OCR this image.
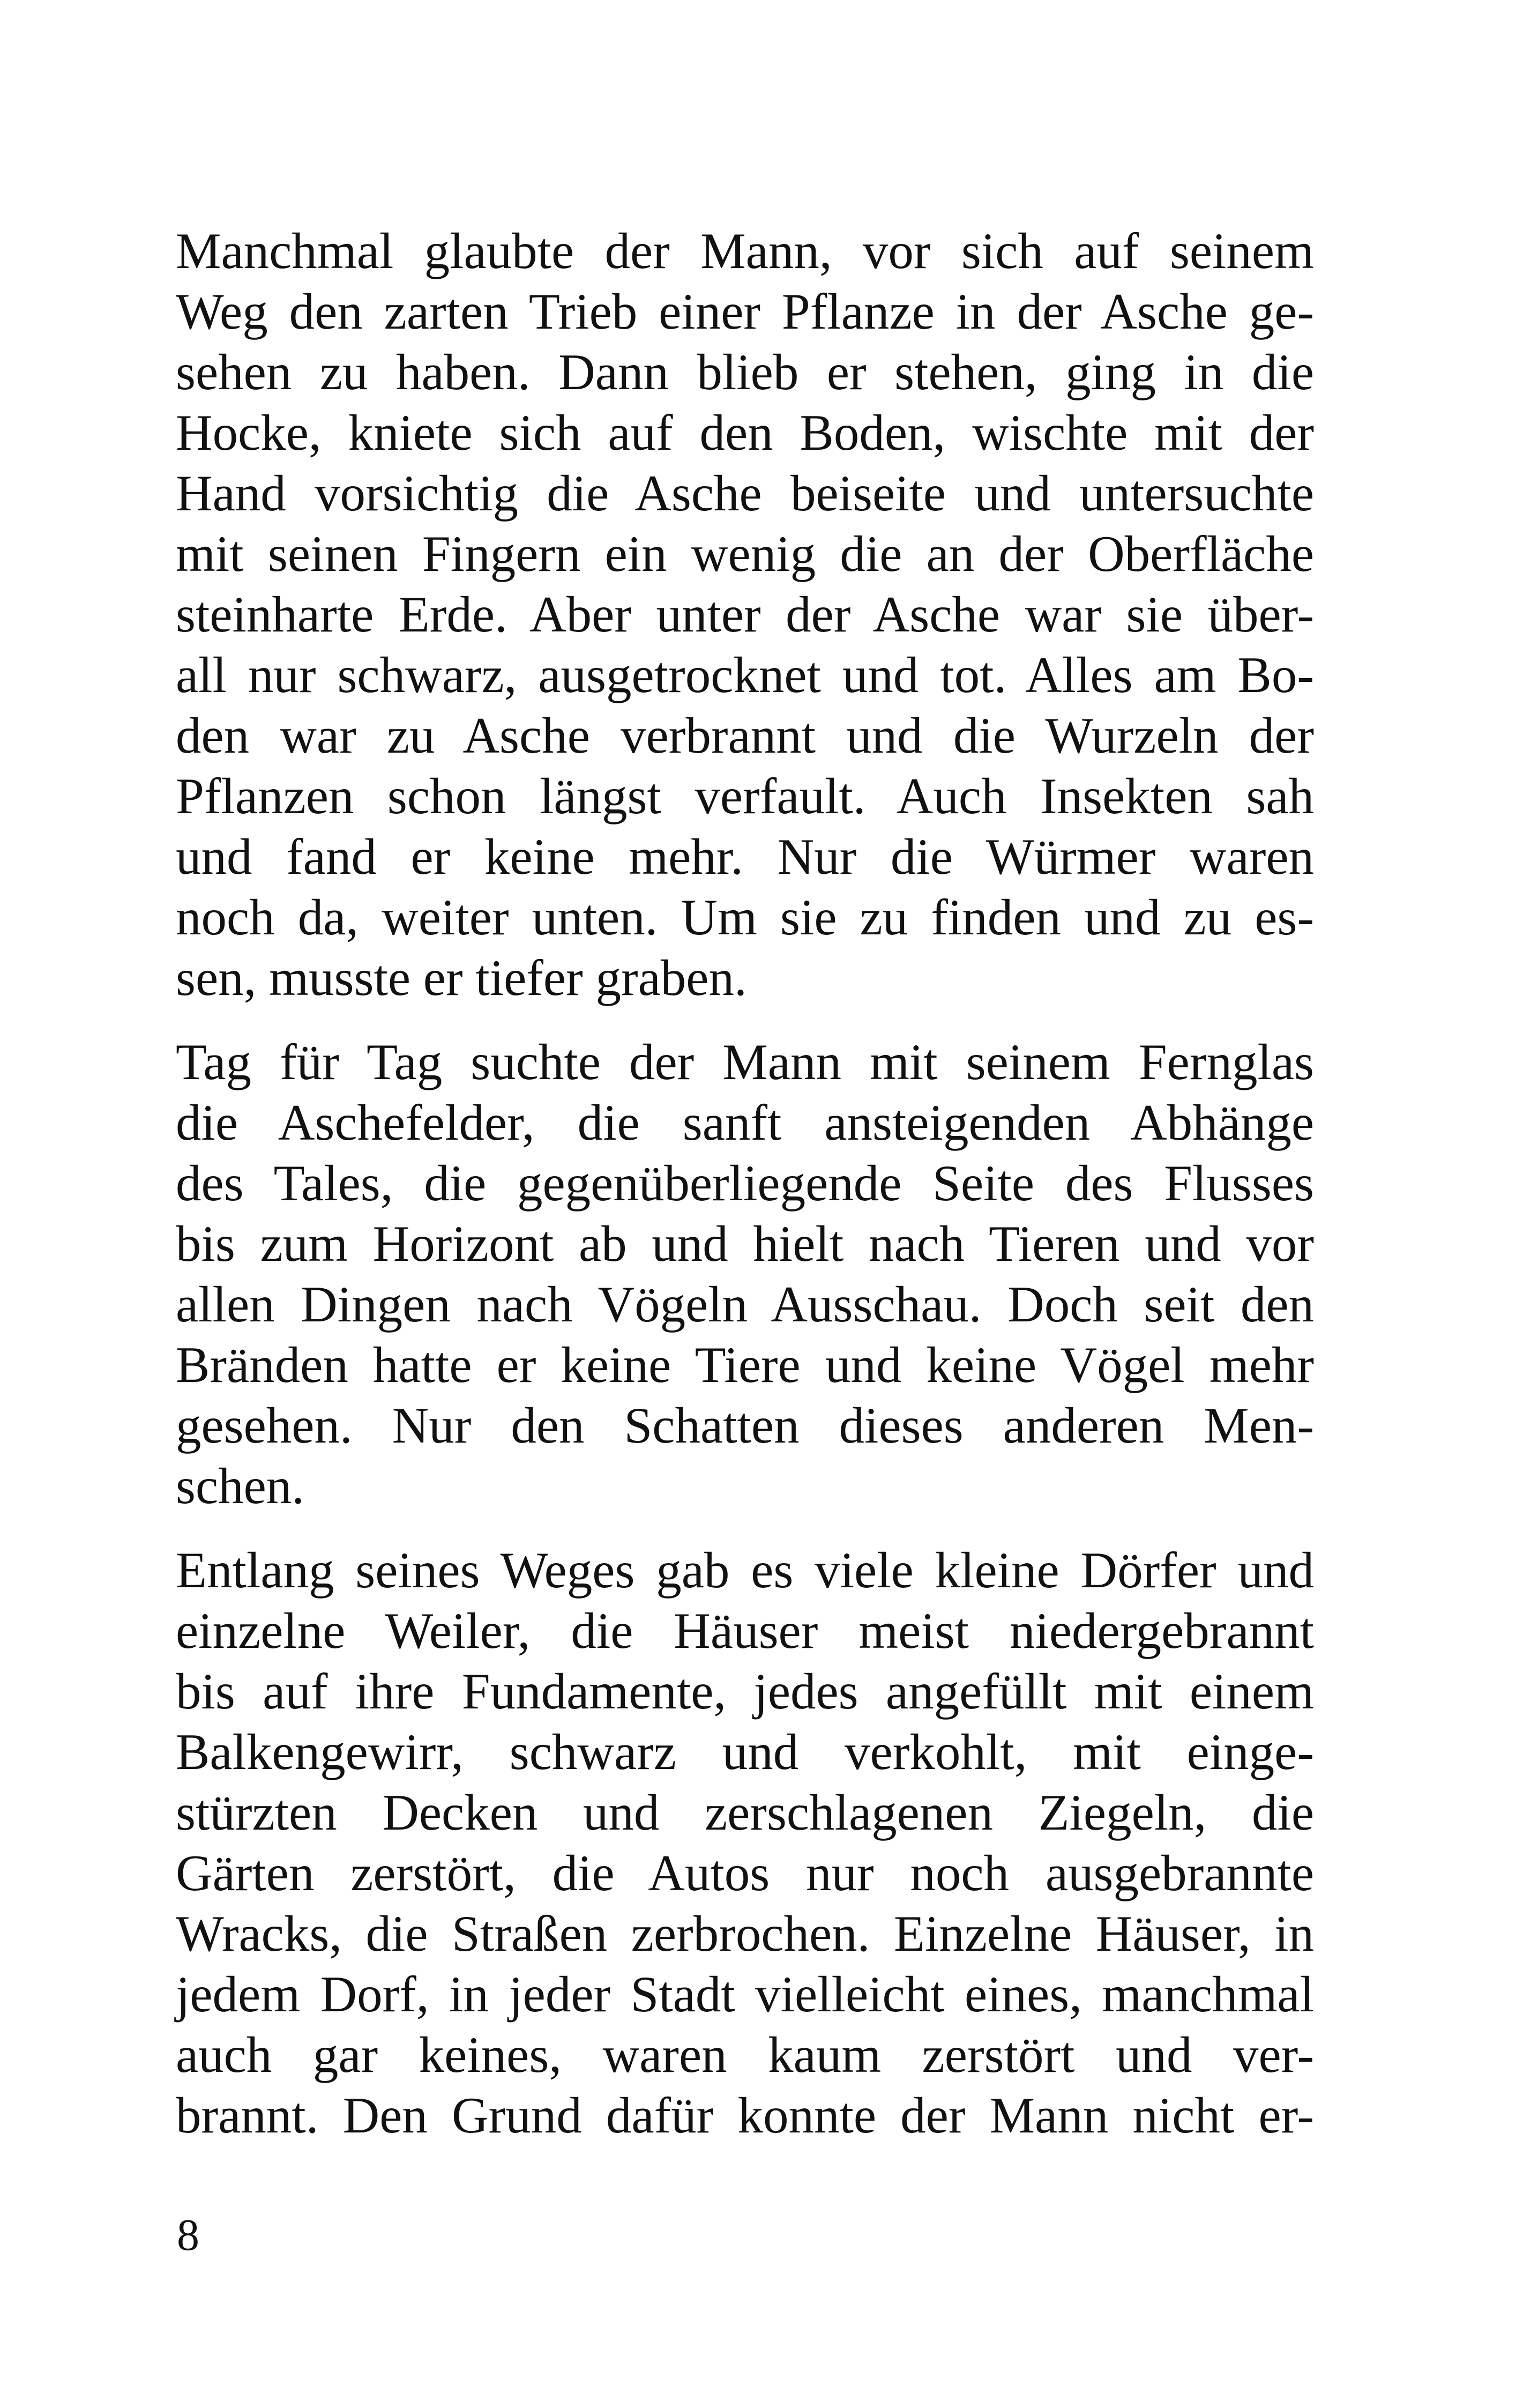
Manchmal glaubte der Mann, vor sich auf seinem
Weg den zarten Trieb einer Pflanze in der Asche ge-
sehen zu haben. Dann blieb er stehen, ging in die
Hocke, kniete sich auf den Boden, wischte mit der
Hand vorsichtig die Asche beiseite und untersuchte
mit seinen Fingern ein wenig die an der Oberfläche
steinharte Erde. Aber unter der Asche war sie über-
all nur schwarz, ausgetrocknet und tot. Alles am Bo-
den war zu Asche verbrannt und die Wurzeln der
Pflanzen schon längst verfault. Auch Insekten sah
und fand er keine mehr. Nur die Würmer waren
noch da, weiter unten. Um sie zu finden und zu es-
sen, musste er tiefer graben.
Tag für Tag suchte der Mann mit seinem Fernglas
die Aschefelder, die sanft ansteigenden Abhänge
des Tales, die gegenüberliegende Seite des Flusses
bis zum Horizont ab und hielt nach Tieren und vor
allen Dingen nach Vögeln Ausschau. Doch seit den
Bränden hatte er keine Tiere und keine Vögel mehr
gesehen. Nur den Schatten dieses anderen Men-
schen.
Entlang seines Weges gab es viele kleine Dörfer und
einzelne Weiler, die Häuser meist niedergebrannt
bis auf ihre Fundamente, jedes angefüllt mit einem
Balkengewirr, schwarz und verkohlt, mit einge-
stürzten Decken und zerschlagenen Ziegeln, die
Gärten zerstört, die Autos nur noch ausgebrannte
Wracks, die Straßen zerbrochen. Einzelne Häuser, in
jedem Dorf, in jeder Stadt vielleicht eines, manchmal
auch gar keines, waren kaum zerstört und ver-
brannt. Den Grund dafür konnte der Mann nicht er-
8
